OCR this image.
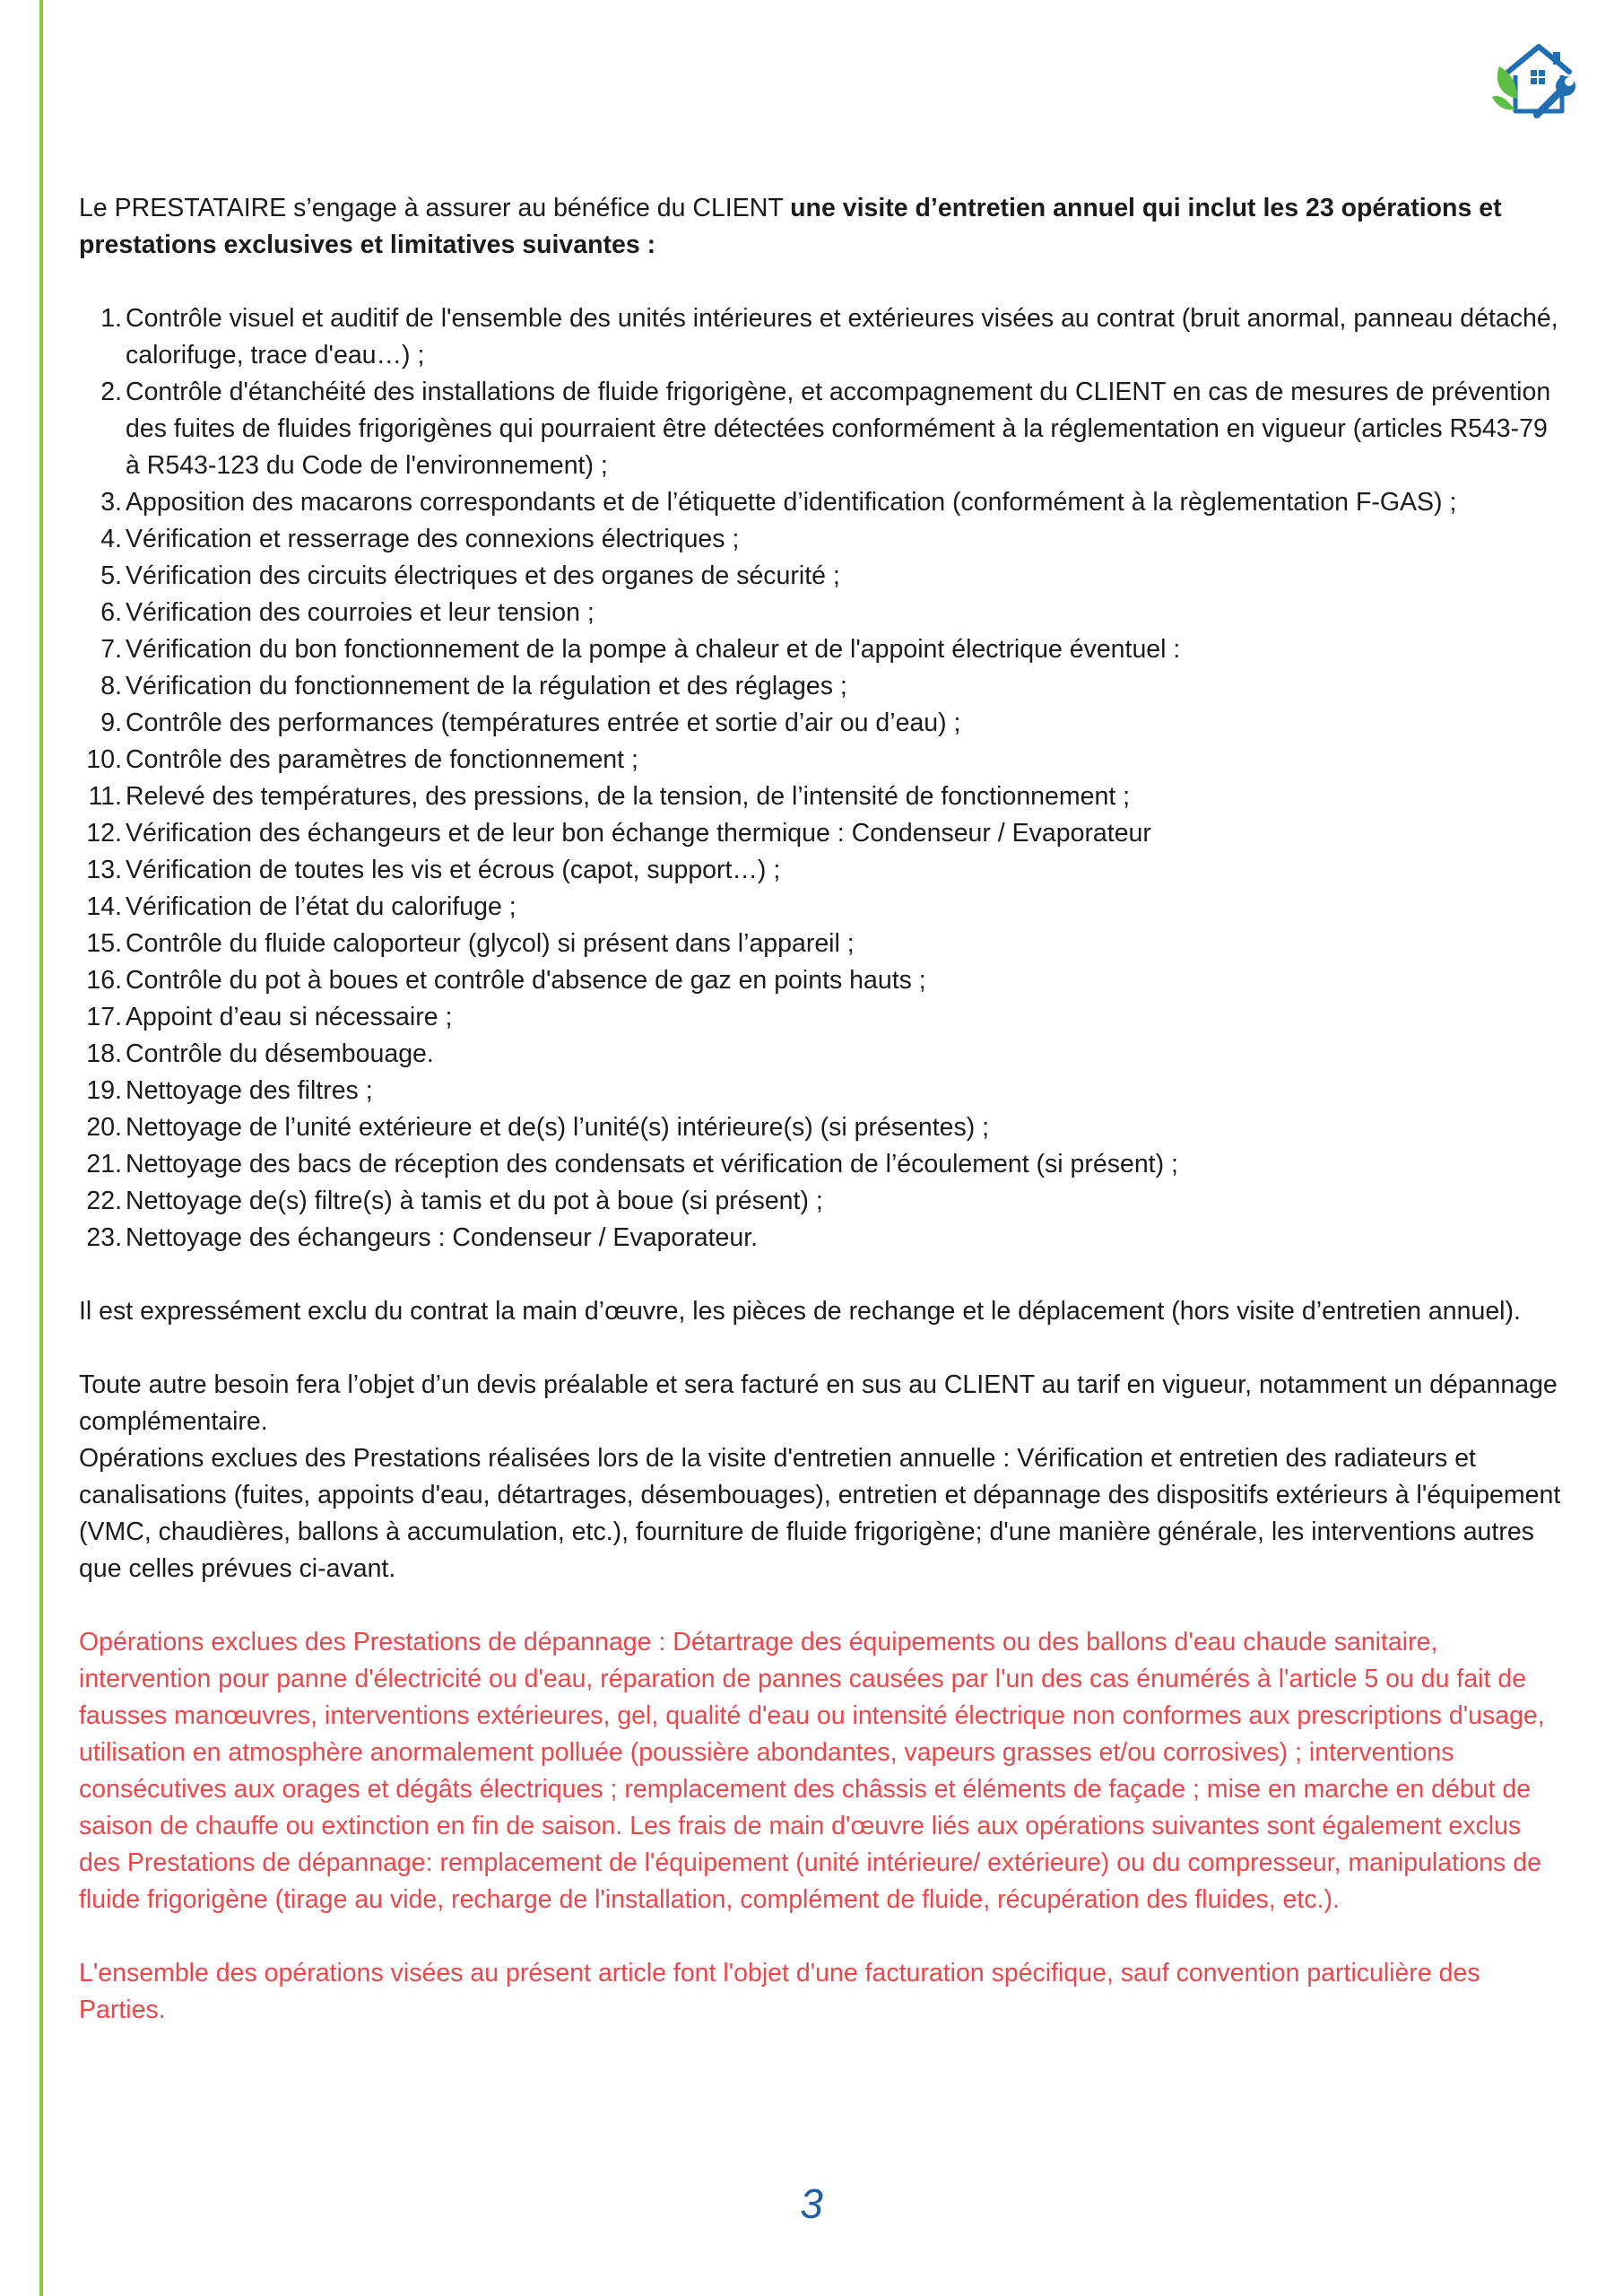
Le PRESTATAIRE s’engage à assurer au bénéfice du CLIENT une visite d’entretien annuel qui inclut les 23 opérations et prestations exclusives et limitatives suivantes :

1. Contrôle visuel et auditif de l'ensemble des unités intérieures et extérieures visées au contrat (bruit anormal, panneau détaché, calorifuge, trace d'eau…) ;
2. Contrôle d'étanchéité des installations de fluide frigorigène, et accompagnement du CLIENT en cas de mesures de prévention des fuites de fluides frigorigènes qui pourraient être détectées conformément à la réglementation en vigueur (articles R543-79 à R543-123 du Code de l'environnement) ;
3. Apposition des macarons correspondants et de l’étiquette d’identification (conformément à la règlementation F-GAS) ;
4. Vérification et resserrage des connexions électriques ;
5. Vérification des circuits électriques et des organes de sécurité ;
6. Vérification des courroies et leur tension ;
7. Vérification du bon fonctionnement de la pompe à chaleur et de l'appoint électrique éventuel :
8. Vérification du fonctionnement de la régulation et des réglages ;
9. Contrôle des performances (températures entrée et sortie d’air ou d’eau) ;
10. Contrôle des paramètres de fonctionnement ;
11. Relevé des températures, des pressions, de la tension, de l’intensité de fonctionnement ;
12. Vérification des échangeurs et de leur bon échange thermique : Condenseur / Evaporateur
13. Vérification de toutes les vis et écrous (capot, support…) ;
14. Vérification de l’état du calorifuge ;
15. Contrôle du fluide caloporteur (glycol) si présent dans l’appareil ;
16. Contrôle du pot à boues et contrôle d'absence de gaz en points hauts ;
17. Appoint d’eau si nécessaire ;
18. Contrôle du désembouage.
19. Nettoyage des filtres ;
20. Nettoyage de l’unité extérieure et de(s) l’unité(s) intérieure(s) (si présentes) ;
21. Nettoyage des bacs de réception des condensats et vérification de l’écoulement (si présent) ;
22. Nettoyage de(s) filtre(s) à tamis et du pot à boue (si présent) ;
23. Nettoyage des échangeurs : Condenseur / Evaporateur.

Il est expressément exclu du contrat la main d’œuvre, les pièces de rechange et le déplacement (hors visite d’entretien annuel).

Toute autre besoin fera l’objet d’un devis préalable et sera facturé en sus au CLIENT au tarif en vigueur, notamment un dépannage complémentaire.

Opérations exclues des Prestations réalisées lors de la visite d'entretien annuelle : Vérification et entretien des radiateurs et canalisations (fuites, appoints d'eau, détartrages, désembouages), entretien et dépannage des dispositifs extérieurs à l'équipement (VMC, chaudières, ballons à accumulation, etc.), fourniture de fluide frigorigène; d'une manière générale, les interventions autres que celles prévues ci-avant.

Opérations exclues des Prestations de dépannage : Détartrage des équipements ou des ballons d'eau chaude sanitaire, intervention pour panne d'électricité ou d'eau, réparation de pannes causées par l'un des cas énumérés à l'article 5 ou du fait de fausses manœuvres, interventions extérieures, gel, qualité d'eau ou intensité électrique non conformes aux prescriptions d'usage, utilisation en atmosphère anormalement polluée (poussière abondantes, vapeurs grasses et/ou corrosives) ; interventions consécutives aux orages et dégâts électriques ; remplacement des châssis et éléments de façade ; mise en marche en début de saison de chauffe ou extinction en fin de saison. Les frais de main d'œuvre liés aux opérations suivantes sont également exclus des Prestations de dépannage: remplacement de l'équipement (unité intérieure/ extérieure) ou du compresseur, manipulations de fluide frigorigène (tirage au vide, recharge de l'installation, complément de fluide, récupération des fluides, etc.).

L'ensemble des opérations visées au présent article font l'objet d'une facturation spécifique, sauf convention particulière des Parties.

3
